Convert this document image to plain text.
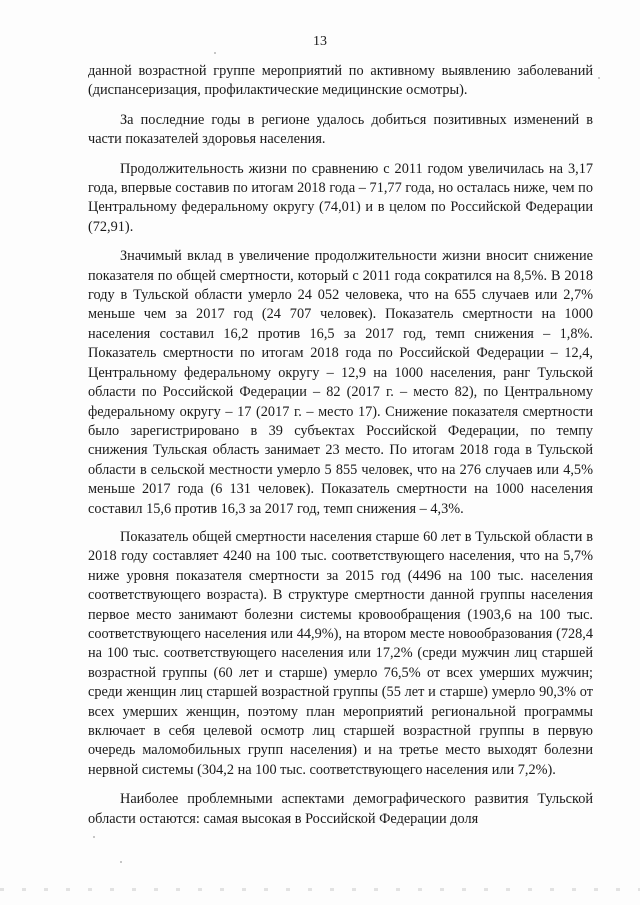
13

данной возрастной группе мероприятий по активному выявлению заболеваний (диспансеризация, профилактические медицинские осмотры).

За последние годы в регионе удалось добиться позитивных изменений в части показателей здоровья населения.

Продолжительность жизни по сравнению с 2011 годом увеличилась на 3,17 года, впервые составив по итогам 2018 года – 71,77 года, но осталась ниже, чем по Центральному федеральному округу (74,01) и в целом по Российской Федерации (72,91).

Значимый вклад в увеличение продолжительности жизни вносит снижение показателя по общей смертности, который с 2011 года сократился на 8,5%. В 2018 году в Тульской области умерло 24 052 человека, что на 655 случаев или 2,7% меньше чем за 2017 год (24 707 человек). Показатель смертности на 1000 населения составил 16,2 против 16,5 за 2017 год, темп снижения – 1,8%. Показатель смертности по итогам 2018 года по Российской Федерации – 12,4, Центральному федеральному округу – 12,9 на 1000 населения, ранг Тульской области по Российской Федерации – 82 (2017 г. – место 82), по Центральному федеральному округу – 17 (2017 г. – место 17). Снижение показателя смертности было зарегистрировано в 39 субъектах Российской Федерации, по темпу снижения Тульская область занимает 23 место. По итогам 2018 года в Тульской области в сельской местности умерло 5 855 человек, что на 276 случаев или 4,5% меньше 2017 года (6 131 человек). Показатель смертности на 1000 населения составил 15,6 против 16,3 за 2017 год, темп снижения – 4,3%.

Показатель общей смертности населения старше 60 лет в Тульской области в 2018 году составляет 4240 на 100 тыс. соответствующего населения, что на 5,7% ниже уровня показателя смертности за 2015 год (4496 на 100 тыс. населения соответствующего возраста). В структуре смертности данной группы населения первое место занимают болезни системы кровообращения (1903,6 на 100 тыс. соответствующего населения или 44,9%), на втором месте новообразования (728,4 на 100 тыс. соответствующего населения или 17,2% (среди мужчин лиц старшей возрастной группы (60 лет и старше) умерло 76,5% от всех умерших мужчин; среди женщин лиц старшей возрастной группы (55 лет и старше) умерло 90,3% от всех умерших женщин, поэтому план мероприятий региональной программы включает в себя целевой осмотр лиц старшей возрастной группы в первую очередь маломобильных групп населения) и на третье место выходят болезни нервной системы (304,2 на 100 тыс. соответствующего населения или 7,2%).

Наиболее проблемными аспектами демографического развития Тульской области остаются: самая высокая в Российской Федерации доля
